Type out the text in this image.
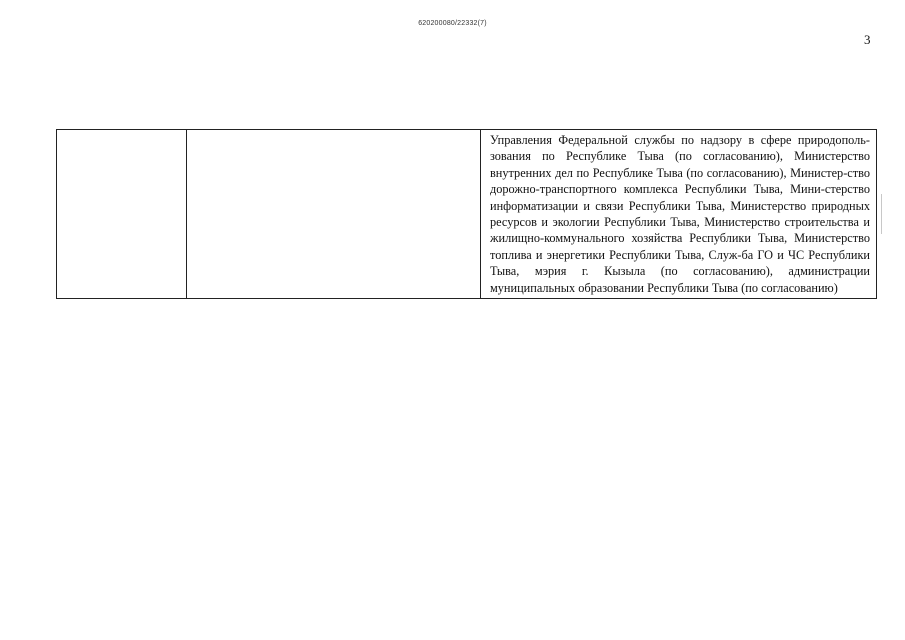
620200080/22332(7)
3

Управления Федеральной службы по надзору в сфере природополь-зования по Республике Тыва (по согласованию), Министерство внутренних дел по Республике Тыва (по согласованию), Министер-ство дорожно-транспортного комплекса Республики Тыва, Мини-стерство информатизации и связи Республики Тыва, Министерство природных ресурсов и экологии Республики Тыва, Министерство строительства и жилищно-коммунального хозяйства Республики Тыва, Министерство топлива и энергетики Республики Тыва, Служ-ба ГО и ЧС Республики Тыва, мэрия г. Кызыла (по согласованию), администрации муниципальных образовании Республики Тыва (по согласованию)
